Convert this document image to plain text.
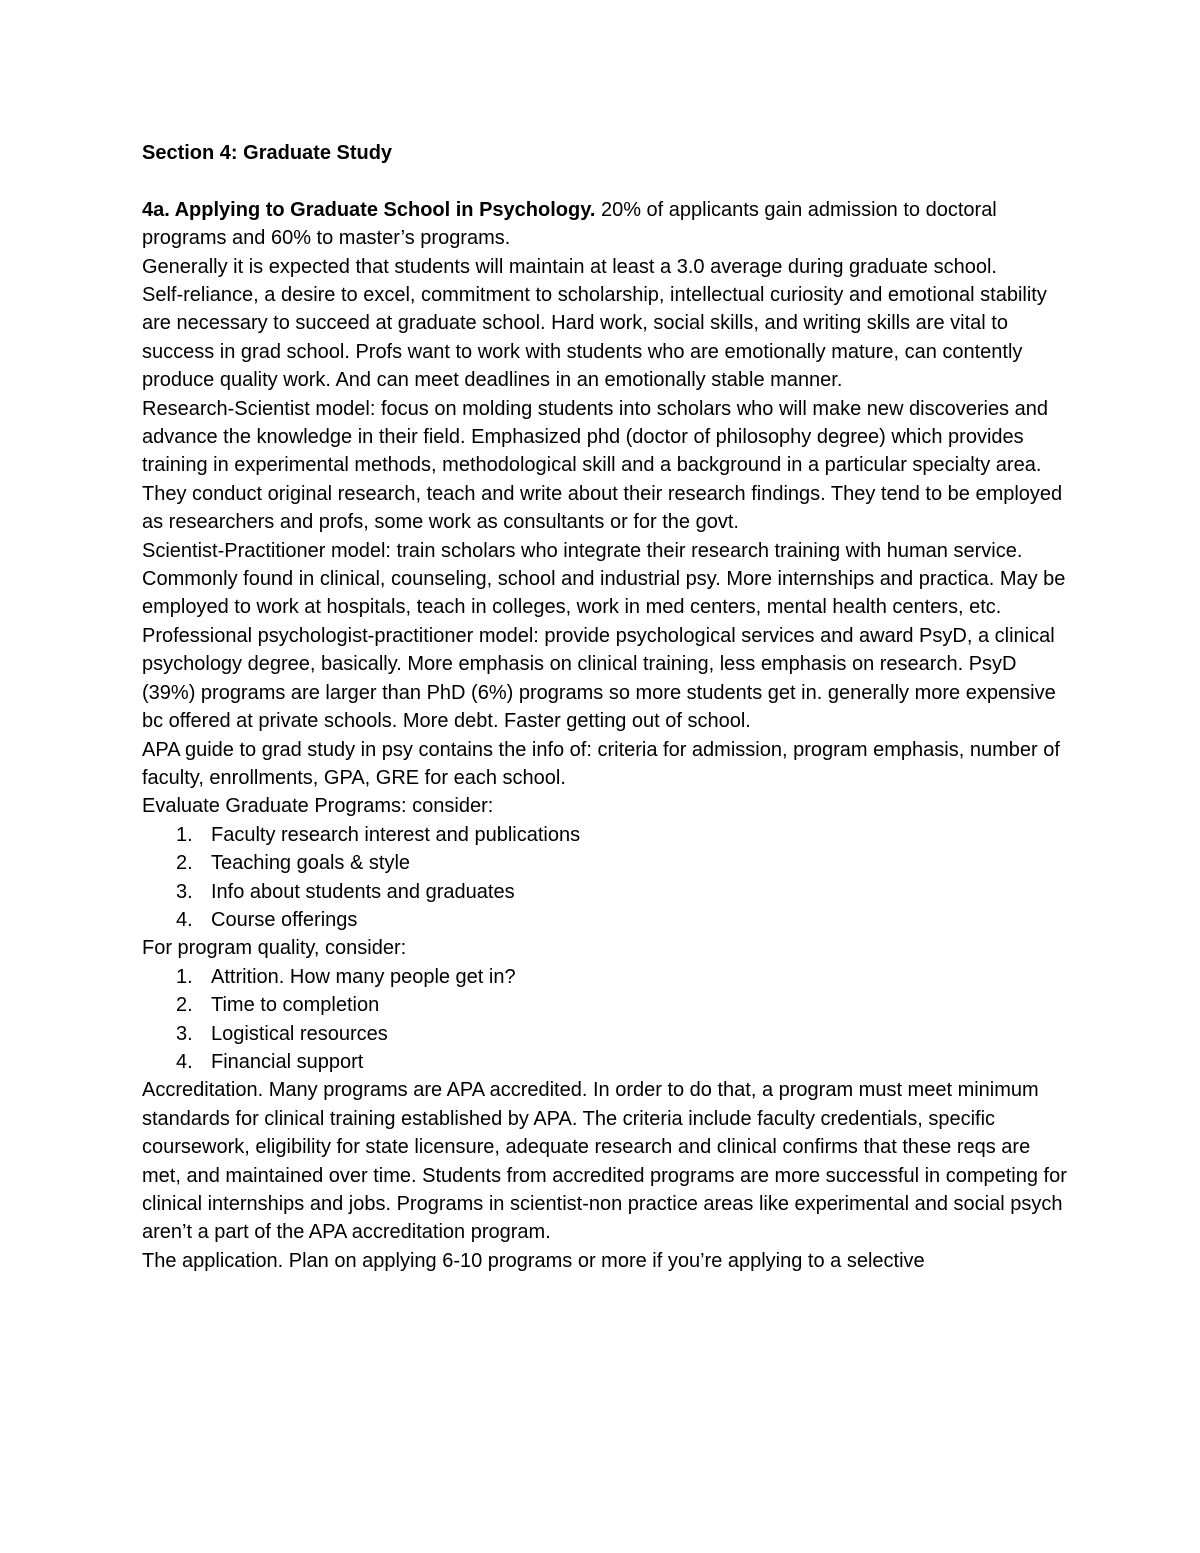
Section 4: Graduate Study

4a. Applying to Graduate School in Psychology. 20% of applicants gain admission to doctoral programs and 60% to master’s programs.

Generally it is expected that students will maintain at least a 3.0 average during graduate school.

Self-reliance, a desire to excel, commitment to scholarship, intellectual curiosity and emotional stability are necessary to succeed at graduate school. Hard work, social skills, and writing skills are vital to success in grad school. Profs want to work with students who are emotionally mature, can contently produce quality work. And can meet deadlines in an emotionally stable manner.

Research-Scientist model: focus on molding students into scholars who will make new discoveries and advance the knowledge in their field. Emphasized phd (doctor of philosophy degree) which provides training in experimental methods, methodological skill and a background in a particular specialty area. They conduct original research, teach and write about their research findings. They tend to be employed as researchers and profs, some work as consultants or for the govt.

Scientist-Practitioner model: train scholars who integrate their research training with human service. Commonly found in clinical, counseling, school and industrial psy. More internships and practica. May be employed to work at hospitals, teach in colleges, work in med centers, mental health centers, etc.

Professional psychologist-practitioner model: provide psychological services and award PsyD, a clinical psychology degree, basically. More emphasis on clinical training, less emphasis on research. PsyD (39%) programs are larger than PhD (6%) programs so more students get in. generally more expensive bc offered at private schools. More debt. Faster getting out of school.

APA guide to grad study in psy contains the info of: criteria for admission, program emphasis, number of faculty, enrollments, GPA, GRE for each school.

Evaluate Graduate Programs: consider:

1. Faculty research interest and publications
2. Teaching goals & style
3. Info about students and graduates
4. Course offerings

For program quality, consider:

1. Attrition. How many people get in?
2. Time to completion
3. Logistical resources
4. Financial support

Accreditation. Many programs are APA accredited. In order to do that, a program must meet minimum standards for clinical training established by APA. The criteria include faculty credentials, specific coursework, eligibility for state licensure, adequate research and clinical confirms that these reqs are met, and maintained over time. Students from accredited programs are more successful in competing for clinical internships and jobs. Programs in scientist-non practice areas like experimental and social psych aren’t a part of the APA accreditation program.

The application. Plan on applying 6-10 programs or more if you’re applying to a selective
